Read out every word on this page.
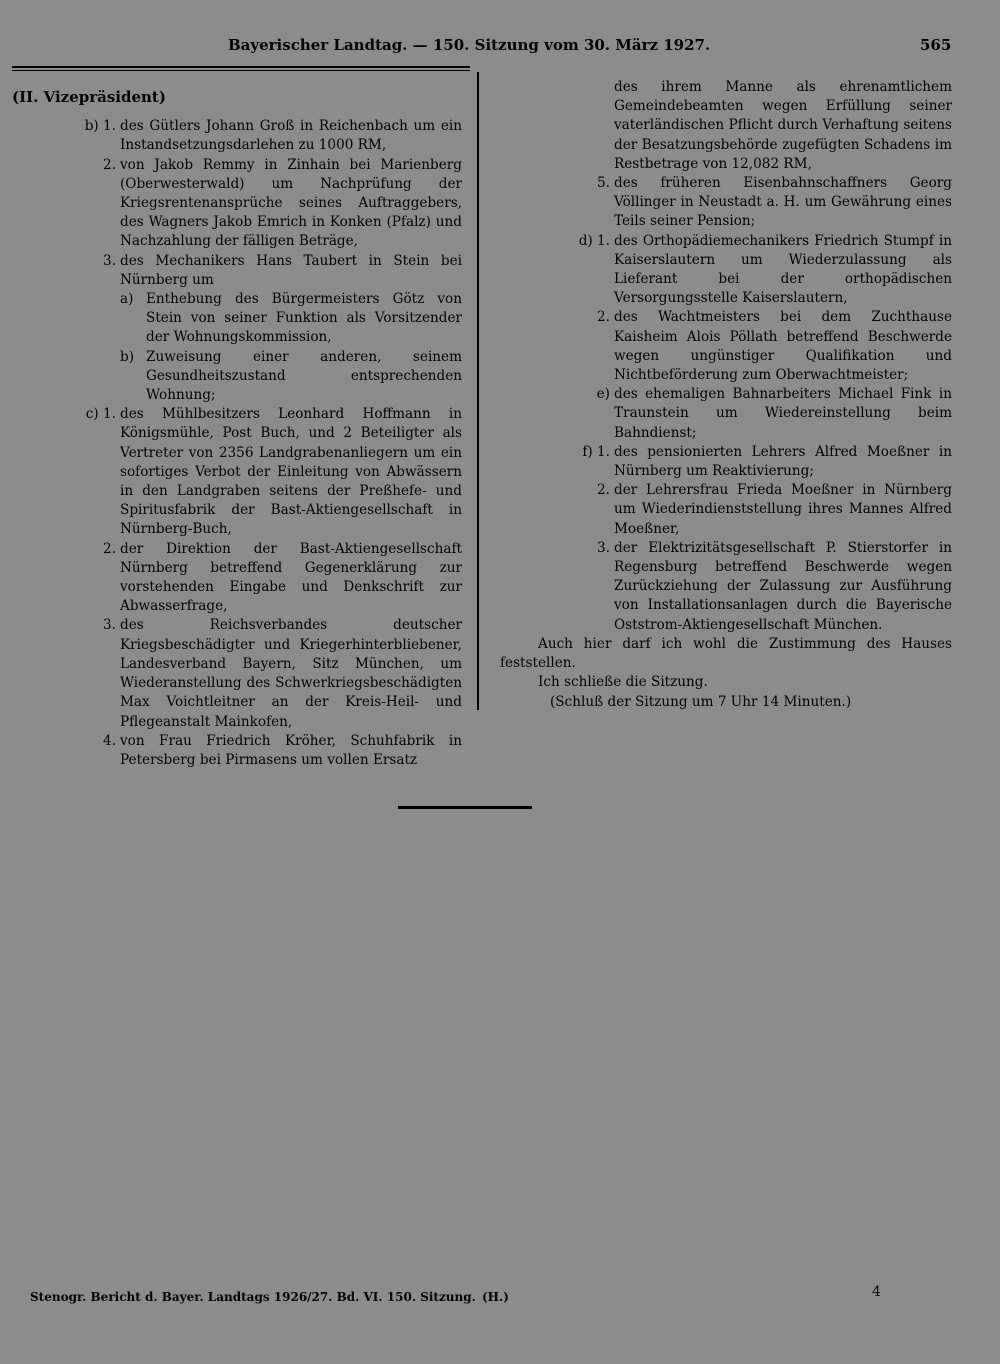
Bayerischer Landtag. — 150. Sitzung vom 30. März 1927.	565
(II. Vizepräsident)
b) 1. des Gütlers Johann Groß in Reichenbach um ein Instandsetzungsdarlehen zu 1000 RM,
2. von Jakob Remmy in Zinhain bei Marienberg (Oberwesterwald) um Nachprüfung der Kriegsrentenansprüche seines Auftraggebers, des Wagners Jakob Emrich in Konken (Pfalz) und Nachzahlung der fälligen Beträge,
3. des Mechanikers Hans Taubert in Stein bei Nürnberg um
a) Enthebung des Bürgermeisters Götz von Stein von seiner Funktion als Vorsitzender der Wohnungskommission,
b) Zuweisung einer anderen, seinem Gesundheitszustand entsprechenden Wohnung;
c) 1. des Mühlbesitzers Leonhard Hoffmann in Königsmühle, Post Buch, und 2 Beteiligter als Vertreter von 2356 Landgrabenanliegern um ein sofortiges Verbot der Einleitung von Abwässern in den Landgraben seitens der Preßhefe- und Spiritusfabrik der Bast-Aktiengesellschaft in Nürnberg-Buch,
2. der Direktion der Bast-Aktiengesellschaft Nürnberg betreffend Gegenerklärung zur vorstehenden Eingabe und Denkschrift zur Abwasserfrage,
3. des Reichsverbandes deutscher Kriegsbeschädigter und Kriegerhinterbliebener, Landesverband Bayern, Sitz München, um Wiederanstellung des Schwerkriegsbeschädigten Max Voichtleitner an der Kreis-Heil- und Pflegeanstalt Mainkofen,
4. von Frau Friedrich Kröher, Schuhfabrik in Petersberg bei Pirmasens um vollen Ersatz
des ihrem Manne als ehrenamtlichem Gemeindebeamten wegen Erfüllung seiner vaterländischen Pflicht durch Verhaftung seitens der Besatzungsbehörde zugefügten Schadens im Restbetrage von 12,082 RM,
5. des früheren Eisenbahnschaffners Georg Völlinger in Neustadt a. H. um Gewährung eines Teils seiner Pension;
d) 1. des Orthopädiemechanikers Friedrich Stumpf in Kaiserslautern um Wiederzulassung als Lieferant bei der orthopädischen Versorgungsstelle Kaiserslautern,
2. des Wachtmeisters bei dem Zuchthause Kaisheim Alois Pöllath betreffend Beschwerde wegen ungünstiger Qualifikation und Nichtbeförderung zum Oberwachtmeister;
e) des ehemaligen Bahnarbeiters Michael Fink in Traunstein um Wiedereinstellung beim Bahndienst;
f) 1. des pensionierten Lehrers Alfred Moeßner in Nürnberg um Reaktivierung;
2. der Lehrersfrau Frieda Moeßner in Nürnberg um Wiederindienststellung ihres Mannes Alfred Moeßner,
3. der Elektrizitätsgesellschaft P. Stierstorfer in Regensburg betreffend Beschwerde wegen Zurückziehung der Zulassung zur Ausführung von Installationsanlagen durch die Bayerische Oststrom-Aktiengesellschaft München.
Auch hier darf ich wohl die Zustimmung des Hauses feststellen.
Ich schließe die Sitzung.
(Schluß der Sitzung um 7 Uhr 14 Minuten.)
Stenogr. Bericht d. Bayer. Landtags 1926/27. Bd. VI. 150. Sitzung. (H.)	4
